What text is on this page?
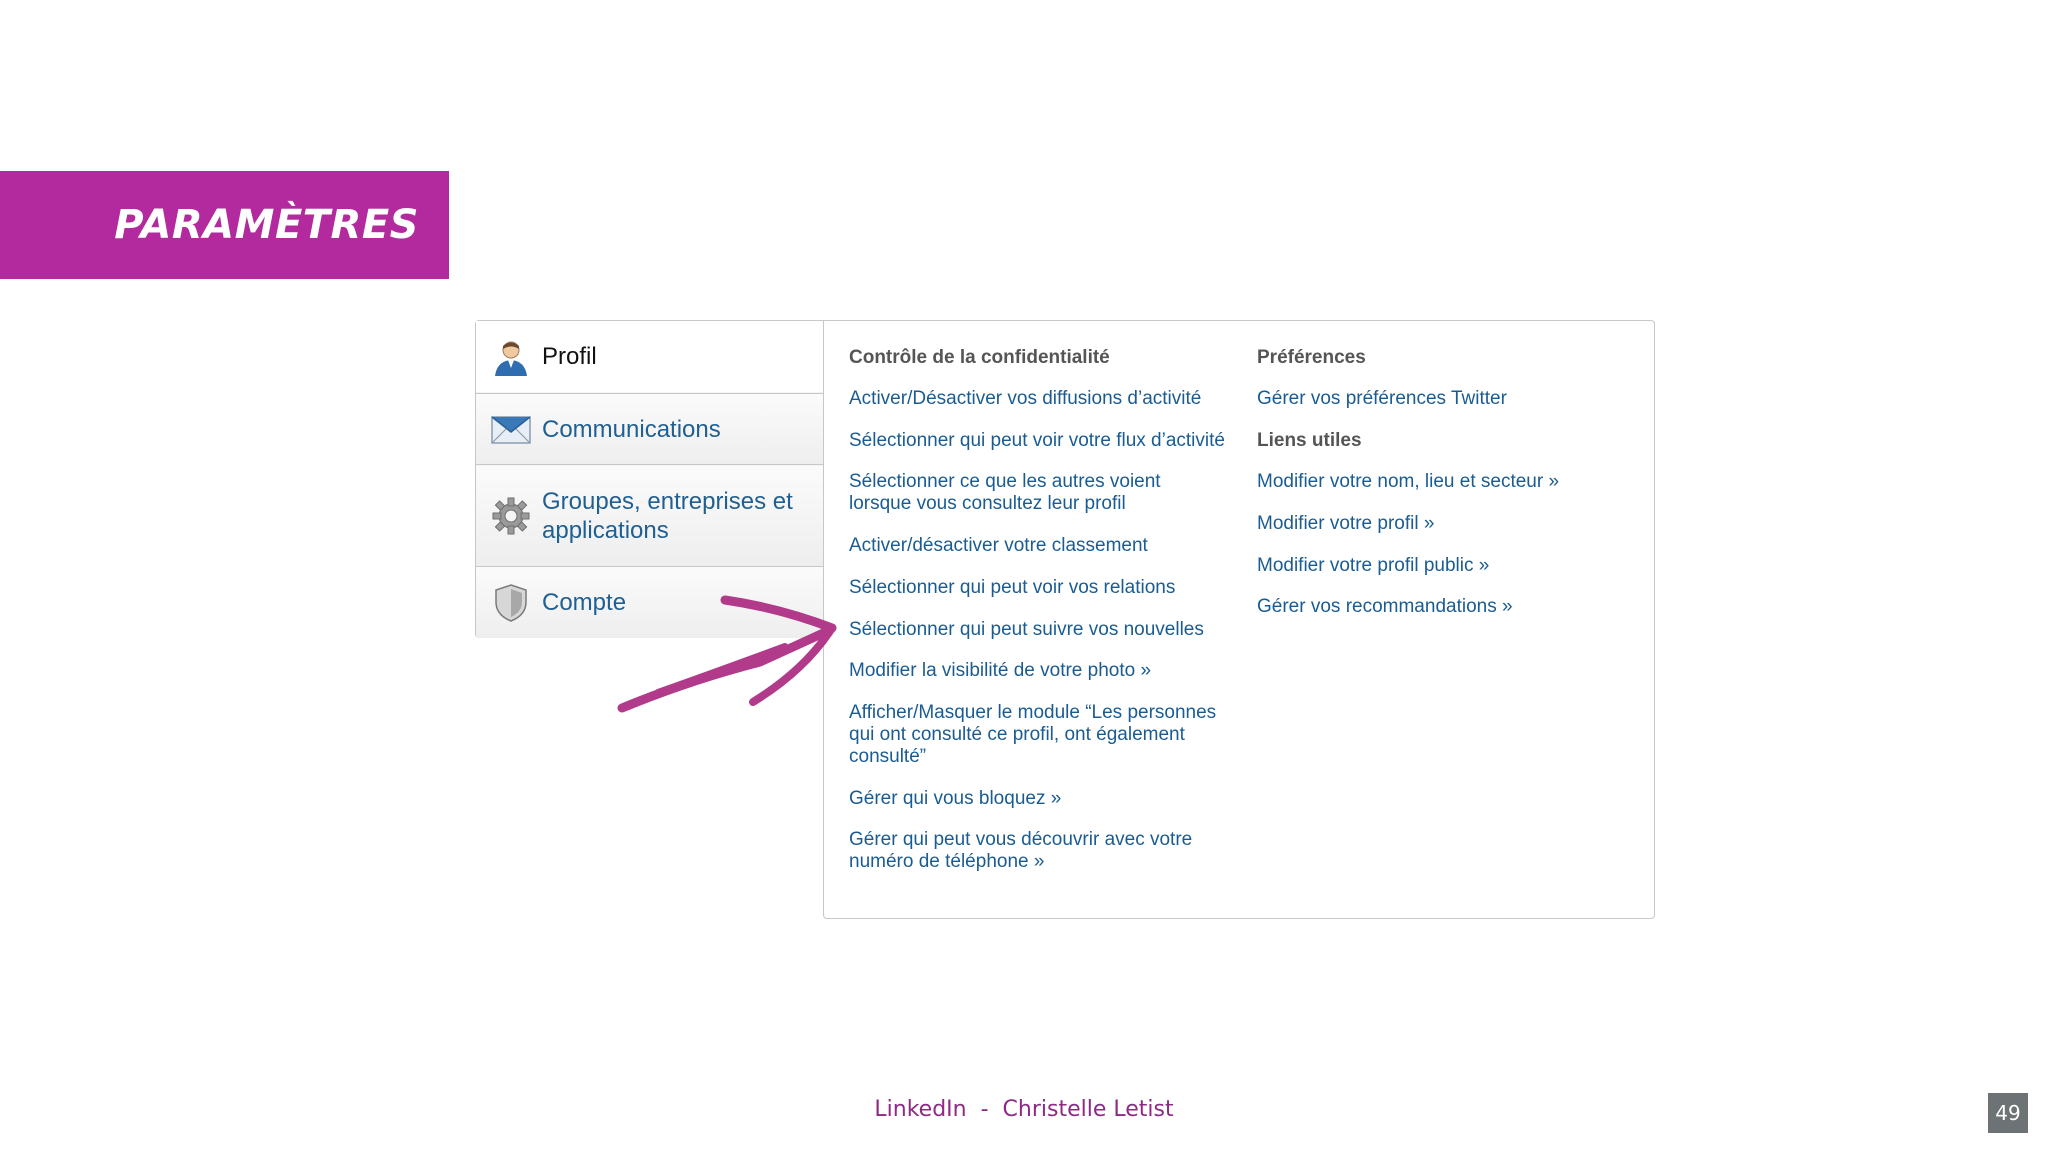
PARAMÈTRES
Profil
Communications
Groupes, entreprises et applications
Compte
Contrôle de la confidentialité
Activer/Désactiver vos diffusions d’activité
Sélectionner qui peut voir votre flux d’activité
Sélectionner ce que les autres voient lorsque vous consultez leur profil
Activer/désactiver votre classement
Sélectionner qui peut voir vos relations
Sélectionner qui peut suivre vos nouvelles
Modifier la visibilité de votre photo »
Afficher/Masquer le module “Les personnes qui ont consulté ce profil, ont également consulté”
Gérer qui vous bloquez »
Gérer qui peut vous découvrir avec votre numéro de téléphone »
Préférences
Gérer vos préférences Twitter
Liens utiles
Modifier votre nom, lieu et secteur »
Modifier votre profil »
Modifier votre profil public »
Gérer vos recommandations »
LinkedIn  -  Christelle Letist	49
